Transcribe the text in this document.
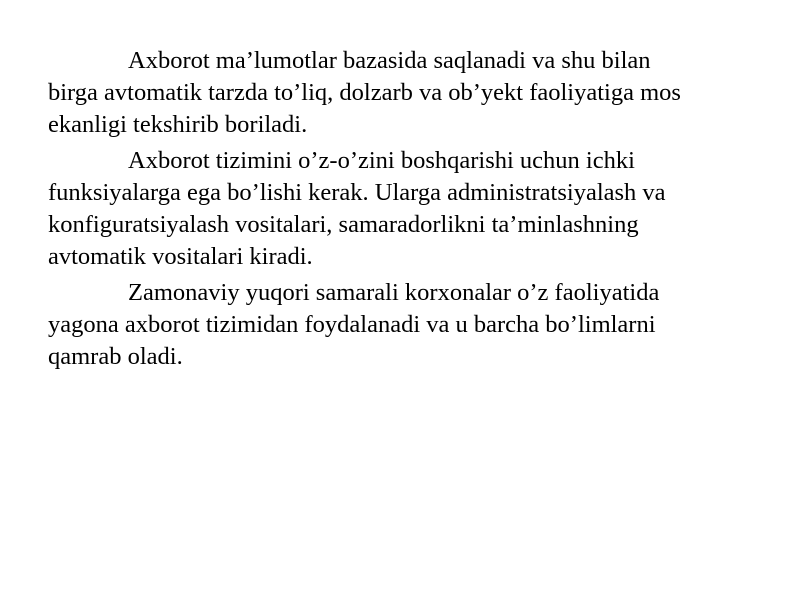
Axborot ma’lumotlar bazasida saqlanadi va shu bilan
birga avtomatik tarzda to’liq, dolzarb va ob’yekt faoliyatiga mos
ekanligi tekshirib boriladi.

Axborot tizimini o’z-o’zini boshqarishi uchun ichki
funksiyalarga ega bo’lishi kerak. Ularga administratsiyalash va
konfiguratsiyalash vositalari, samaradorlikni ta’minlashning
avtomatik vositalari kiradi.

Zamonaviy yuqori samarali korxonalar o’z faoliyatida
yagona axborot tizimidan foydalanadi va u barcha bo’limlarni
qamrab oladi.
